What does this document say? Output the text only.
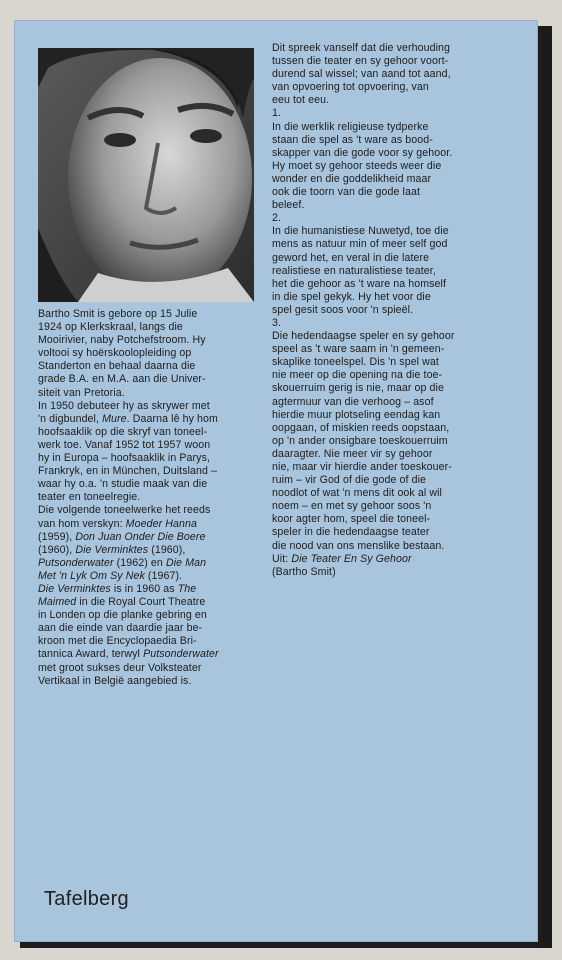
Bartho Smit is gebore op 15 Julie
1924 op Klerkskraal, langs die
Mooirivier, naby Potchefstroom. Hy
voltooi sy hoërskoolopleiding op
Standerton en behaal daarna die
grade B.A. en M.A. aan die Univer-
siteit van Pretoria.

In 1950 debuteer hy as skrywer met
'n digbundel, Mure. Daarna lê hy hom
hoofsaaklik op die skryf van toneel-
werk toe. Vanaf 1952 tot 1957 woon
hy in Europa – hoofsaaklik in Parys,
Frankryk, en in München, Duitsland –
waar hy o.a. 'n studie maak van die
teater en toneelregie.

Die volgende toneelwerke het reeds
van hom verskyn: Moeder Hanna
(1959), Don Juan Onder Die Boere
(1960), Die Verminktes (1960),
Putsonderwater (1962) en Die Man
Met 'n Lyk Om Sy Nek (1967).

Die Verminktes is in 1960 as The
Maimed in die Royal Court Theatre
in Londen op die planke gebring en
aan die einde van daardie jaar be-
kroon met die Encyclopaedia Bri-
tannica Award, terwyl Putsonderwater
met groot sukses deur Volksteater
Vertikaal in België aangebied is.

Dit spreek vanself dat die verhouding
tussen die teater en sy gehoor voort-
durend sal wissel; van aand tot aand,
van opvoering tot opvoering, van
eeu tot eeu.

1.

In die werklik religieuse tydperke
staan die spel as 't ware as bood-
skapper van die gode voor sy gehoor.
Hy moet sy gehoor steeds weer die
wonder en die goddelikheid maar
ook die toorn van die gode laat
beleef.

2.

In die humanistiese Nuwetyd, toe die
mens as natuur min of meer self god
geword het, en veral in die latere
realistiese en naturalistiese teater,
het die gehoor as 't ware na homself
in die spel gekyk. Hy het voor die
spel gesit soos voor 'n spieël.

3.

Die hedendaagse speler en sy gehoor
speel as 't ware saam in 'n gemeen-
skaplike toneelspel. Dis 'n spel wat
nie meer op die opening na die toe-
skouerruim gerig is nie, maar op die
agtermuur van die verhoog – asof
hierdie muur plotseling eendag kan
oopgaan, of miskien reeds oopstaan,
op 'n ander onsigbare toeskouerruim
daaragter. Nie meer vir sy gehoor
nie, maar vir hierdie ander toeskouer-
ruim – vir God of die gode of die
noodlot of wat 'n mens dit ook al wil
noem – en met sy gehoor soos 'n
koor agter hom, speel die toneel-
speler in die hedendaagse teater
die nood van ons menslike bestaan.

Uit: Die Teater En Sy Gehoor

(Bartho Smit)

Tafelberg
